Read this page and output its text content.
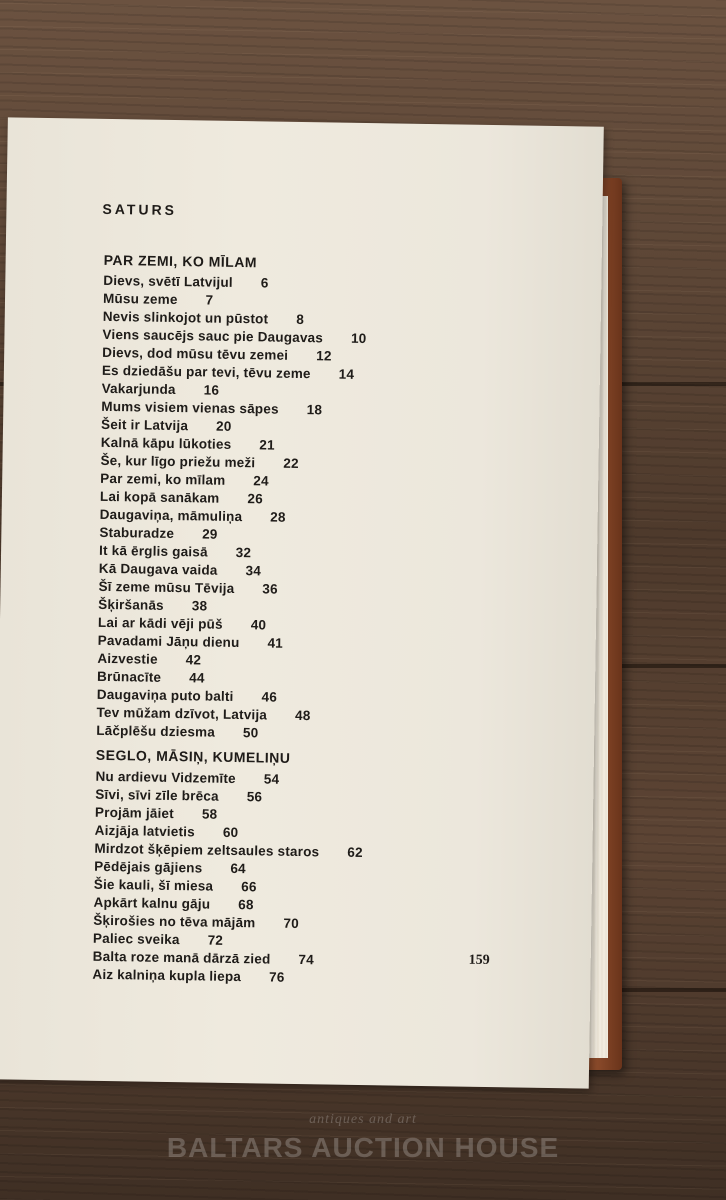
SATURS
PAR ZEMI, KO MĪLAM
Dievs, svētī Latvijul 6
Mūsu zeme 7
Nevis slinkojot un pūstot 8
Viens saucējs sauc pie Daugavas 10
Dievs, dod mūsu tēvu zemei 12
Es dziedāšu par tevi, tēvu zeme 14
Vakarjunda 16
Mums visiem vienas sāpes 18
Šeit ir Latvija 20
Kalnā kāpu lūkoties 21
Še, kur līgo priežu meži 22
Par zemi, ko mīlam 24
Lai kopā sanākam 26
Daugaviņa, māmuliņa 28
Staburadze 29
It kā ērglis gaisā 32
Kā Daugava vaida 34
Šī zeme mūsu Tēvija 36
Šķiršanās 38
Lai ar kādi vēji pūš 40
Pavadami Jāņu dienu 41
Aizvestie 42
Brūnacīte 44
Daugaviņa puto balti 46
Tev mūžam dzīvot, Latvija 48
Lāčplēšu dziesma 50
SEGLO, MĀSIŅ, KUMELIŅU
Nu ardievu Vidzemīte 54
Sīvi, sīvi zīle brēca 56
Projām jāiet 58
Aizjāja latvietis 60
Mirdzot šķēpiem zeltsaules staros 62
Pēdējais gājiens 64
Šie kauli, šī miesa 66
Apkārt kalnu gāju 68
Šķirošies no tēva mājām 70
Paliec sveika 72
Balta roze manā dārzā zied 74
Aiz kalniņa kupla liepa 76
159
antiques and art
BALTARS AUCTION HOUSE
